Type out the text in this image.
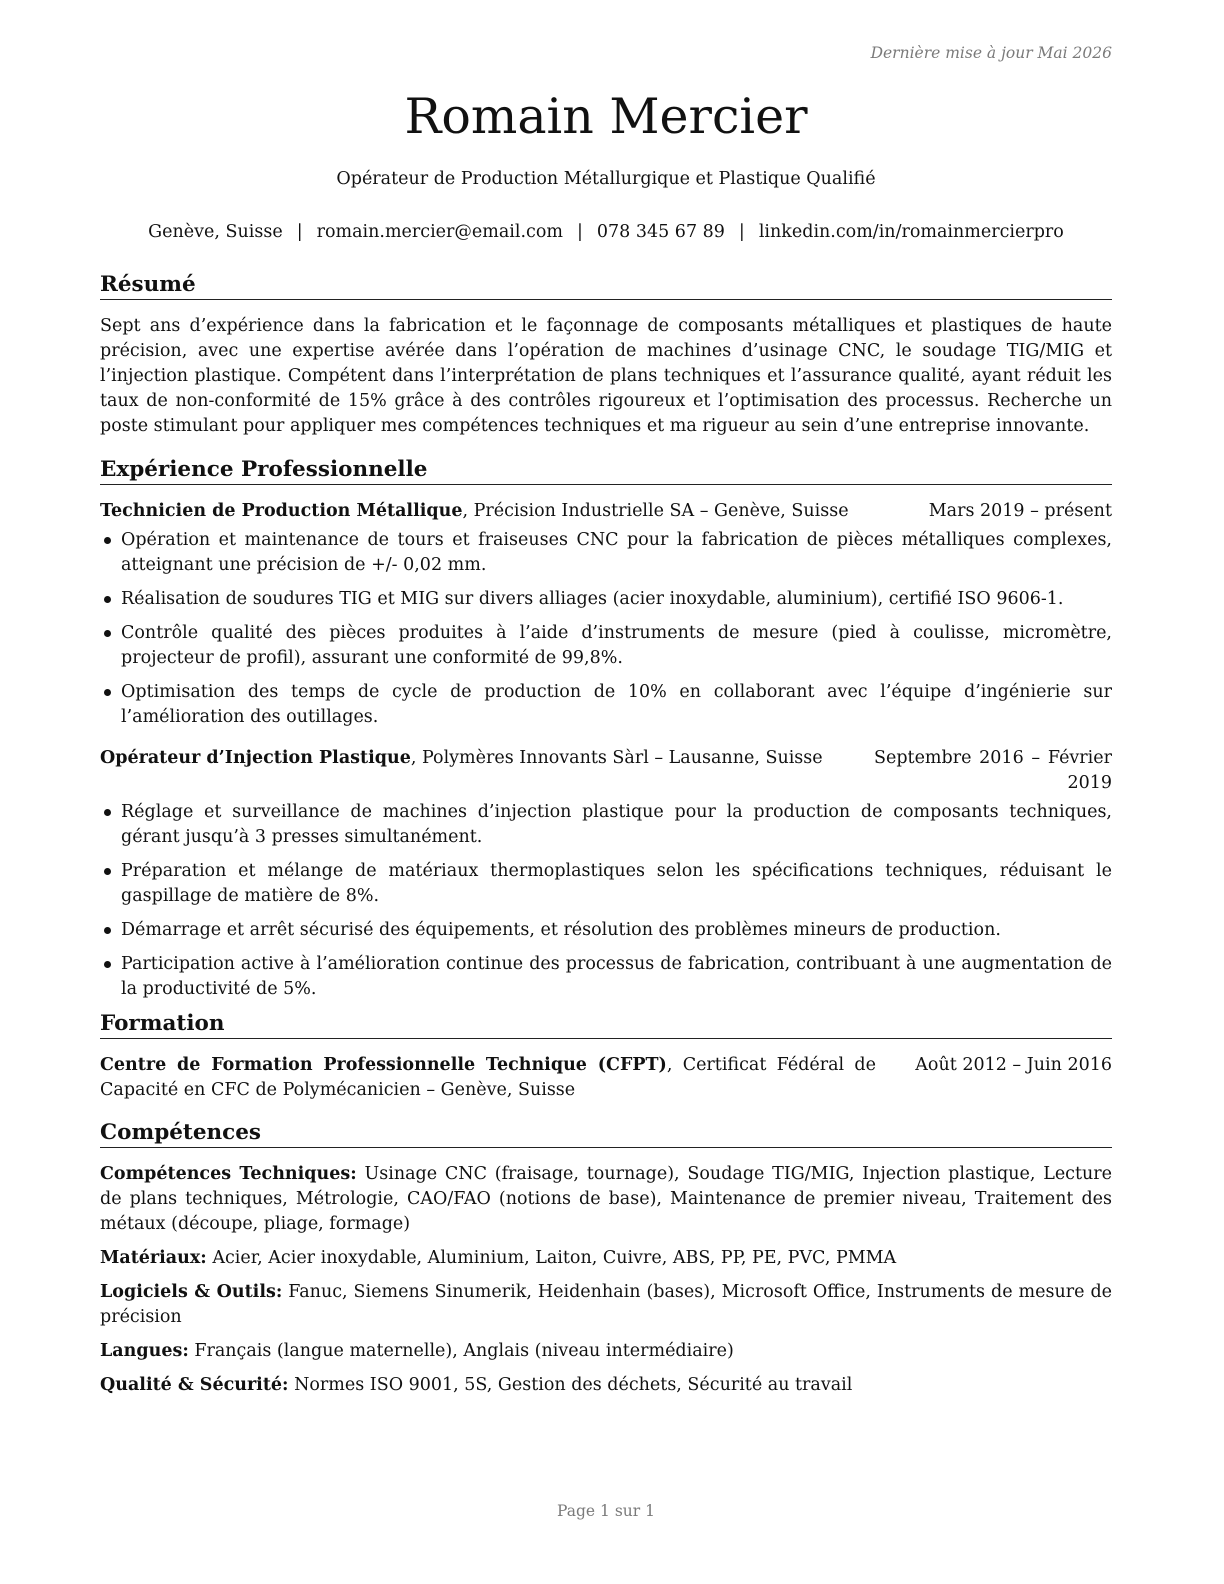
Dernière mise à jour Mai 2026
Romain Mercier
Opérateur de Production Métallurgique et Plastique Qualifié
Genève, Suisse | romain.mercier@email.com | 078 345 67 89 | linkedin.com/in/romainmercierpro
Résumé
Sept ans d’expérience dans la fabrication et le façonnage de composants métalliques et plastiques de haute précision, avec une expertise avérée dans l’opération de machines d’usinage CNC, le soudage TIG/MIG et l’injection plastique. Compétent dans l’interprétation de plans techniques et l’assurance qualité, ayant réduit les taux de non-conformité de 15% grâce à des contrôles rigoureux et l’optimisation des processus. Recherche un poste stimulant pour appliquer mes compétences techniques et ma rigueur au sein d’une entreprise innovante.
Expérience Professionnelle
Technicien de Production Métallique, Précision Industrielle SA – Genève, Suisse	Mars 2019 – présent
Opération et maintenance de tours et fraiseuses CNC pour la fabrication de pièces métalliques complexes, atteignant une précision de +/- 0,02 mm.
Réalisation de soudures TIG et MIG sur divers alliages (acier inoxydable, aluminium), certifié ISO 9606-1.
Contrôle qualité des pièces produites à l’aide d’instruments de mesure (pied à coulisse, micromètre, projecteur de profil), assurant une conformité de 99,8%.
Optimisation des temps de cycle de production de 10% en collaborant avec l’équipe d’ingénierie sur l’amélioration des outillages.
Opérateur d’Injection Plastique, Polymères Innovants Sàrl – Lausanne, Suisse	Septembre 2016 – Février 2019
Réglage et surveillance de machines d’injection plastique pour la production de composants techniques, gérant jusqu’à 3 presses simultanément.
Préparation et mélange de matériaux thermoplastiques selon les spécifications techniques, réduisant le gaspillage de matière de 8%.
Démarrage et arrêt sécurisé des équipements, et résolution des problèmes mineurs de production.
Participation active à l’amélioration continue des processus de fabrication, contribuant à une augmentation de la productivité de 5%.
Formation
Centre de Formation Professionnelle Technique (CFPT), Certificat Fédéral de Capacité en CFC de Polymécanicien – Genève, Suisse
Août 2012 – Juin 2016
Compétences
Compétences Techniques: Usinage CNC (fraisage, tournage), Soudage TIG/MIG, Injection plastique, Lecture de plans techniques, Métrologie, CAO/FAO (notions de base), Maintenance de premier niveau, Traitement des métaux (découpe, pliage, formage)
Matériaux: Acier, Acier inoxydable, Aluminium, Laiton, Cuivre, ABS, PP, PE, PVC, PMMA
Logiciels & Outils: Fanuc, Siemens Sinumerik, Heidenhain (bases), Microsoft Office, Instruments de mesure de précision
Langues: Français (langue maternelle), Anglais (niveau intermédiaire)
Qualité & Sécurité: Normes ISO 9001, 5S, Gestion des déchets, Sécurité au travail
Page 1 sur 1
